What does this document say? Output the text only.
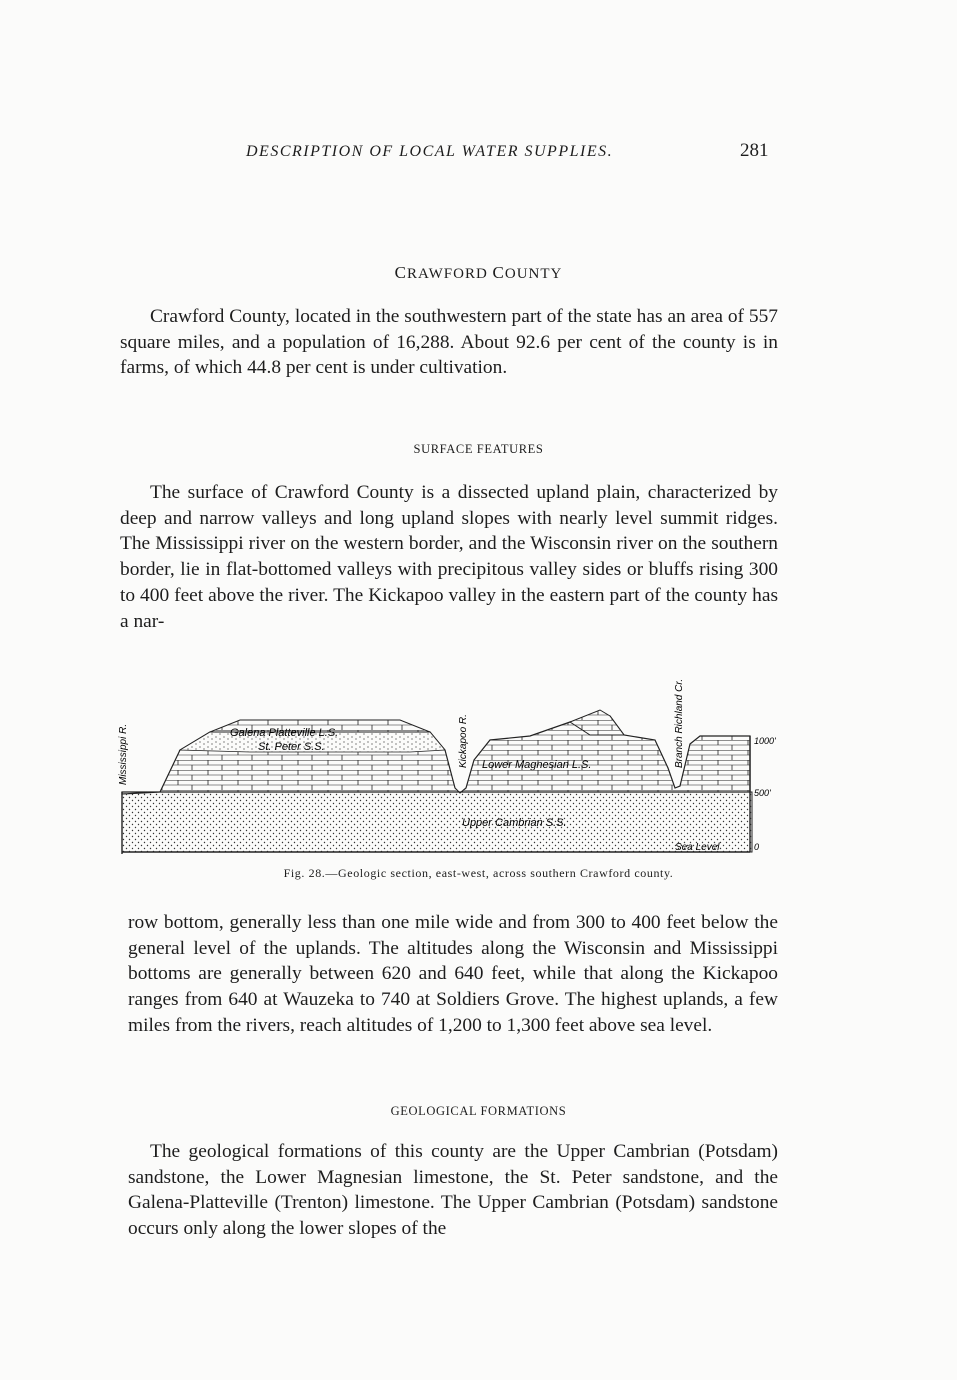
DESCRIPTION OF LOCAL WATER SUPPLIES.	281
CRAWFORD COUNTY
Crawford County, located in the southwestern part of the state has an area of 557 square miles, and a population of 16,288. About 92.6 per cent of the county is in farms, of which 44.8 per cent is under cultivation.
SURFACE FEATURES
The surface of Crawford County is a dissected upland plain, characterized by deep and narrow valleys and long upland slopes with nearly level summit ridges. The Mississippi river on the western border, and the Wisconsin river on the southern border, lie in flat-bottomed valleys with precipitous valley sides or bluffs rising 300 to 400 feet above the river. The Kickapoo valley in the eastern part of the county has a nar-
Mississippi R.	Kickapoo R.	Branch Richland Cr.
Galena Platteville L.S.
St. Peter S.S.
Lower Magnesian L.S.
Upper Cambrian S.S.
Sea Level
1000'
500'
0
Fig. 28.—Geologic section, east-west, across southern Crawford county.
row bottom, generally less than one mile wide and from 300 to 400 feet below the general level of the uplands. The altitudes along the Wisconsin and Mississippi bottoms are generally between 620 and 640 feet, while that along the Kickapoo ranges from 640 at Wauzeka to 740 at Soldiers Grove. The highest uplands, a few miles from the rivers, reach altitudes of 1,200 to 1,300 feet above sea level.
GEOLOGICAL FORMATIONS
The geological formations of this county are the Upper Cambrian (Potsdam) sandstone, the Lower Magnesian limestone, the St. Peter sandstone, and the Galena-Platteville (Trenton) limestone. The Upper Cambrian (Potsdam) sandstone occurs only along the lower slopes of the
